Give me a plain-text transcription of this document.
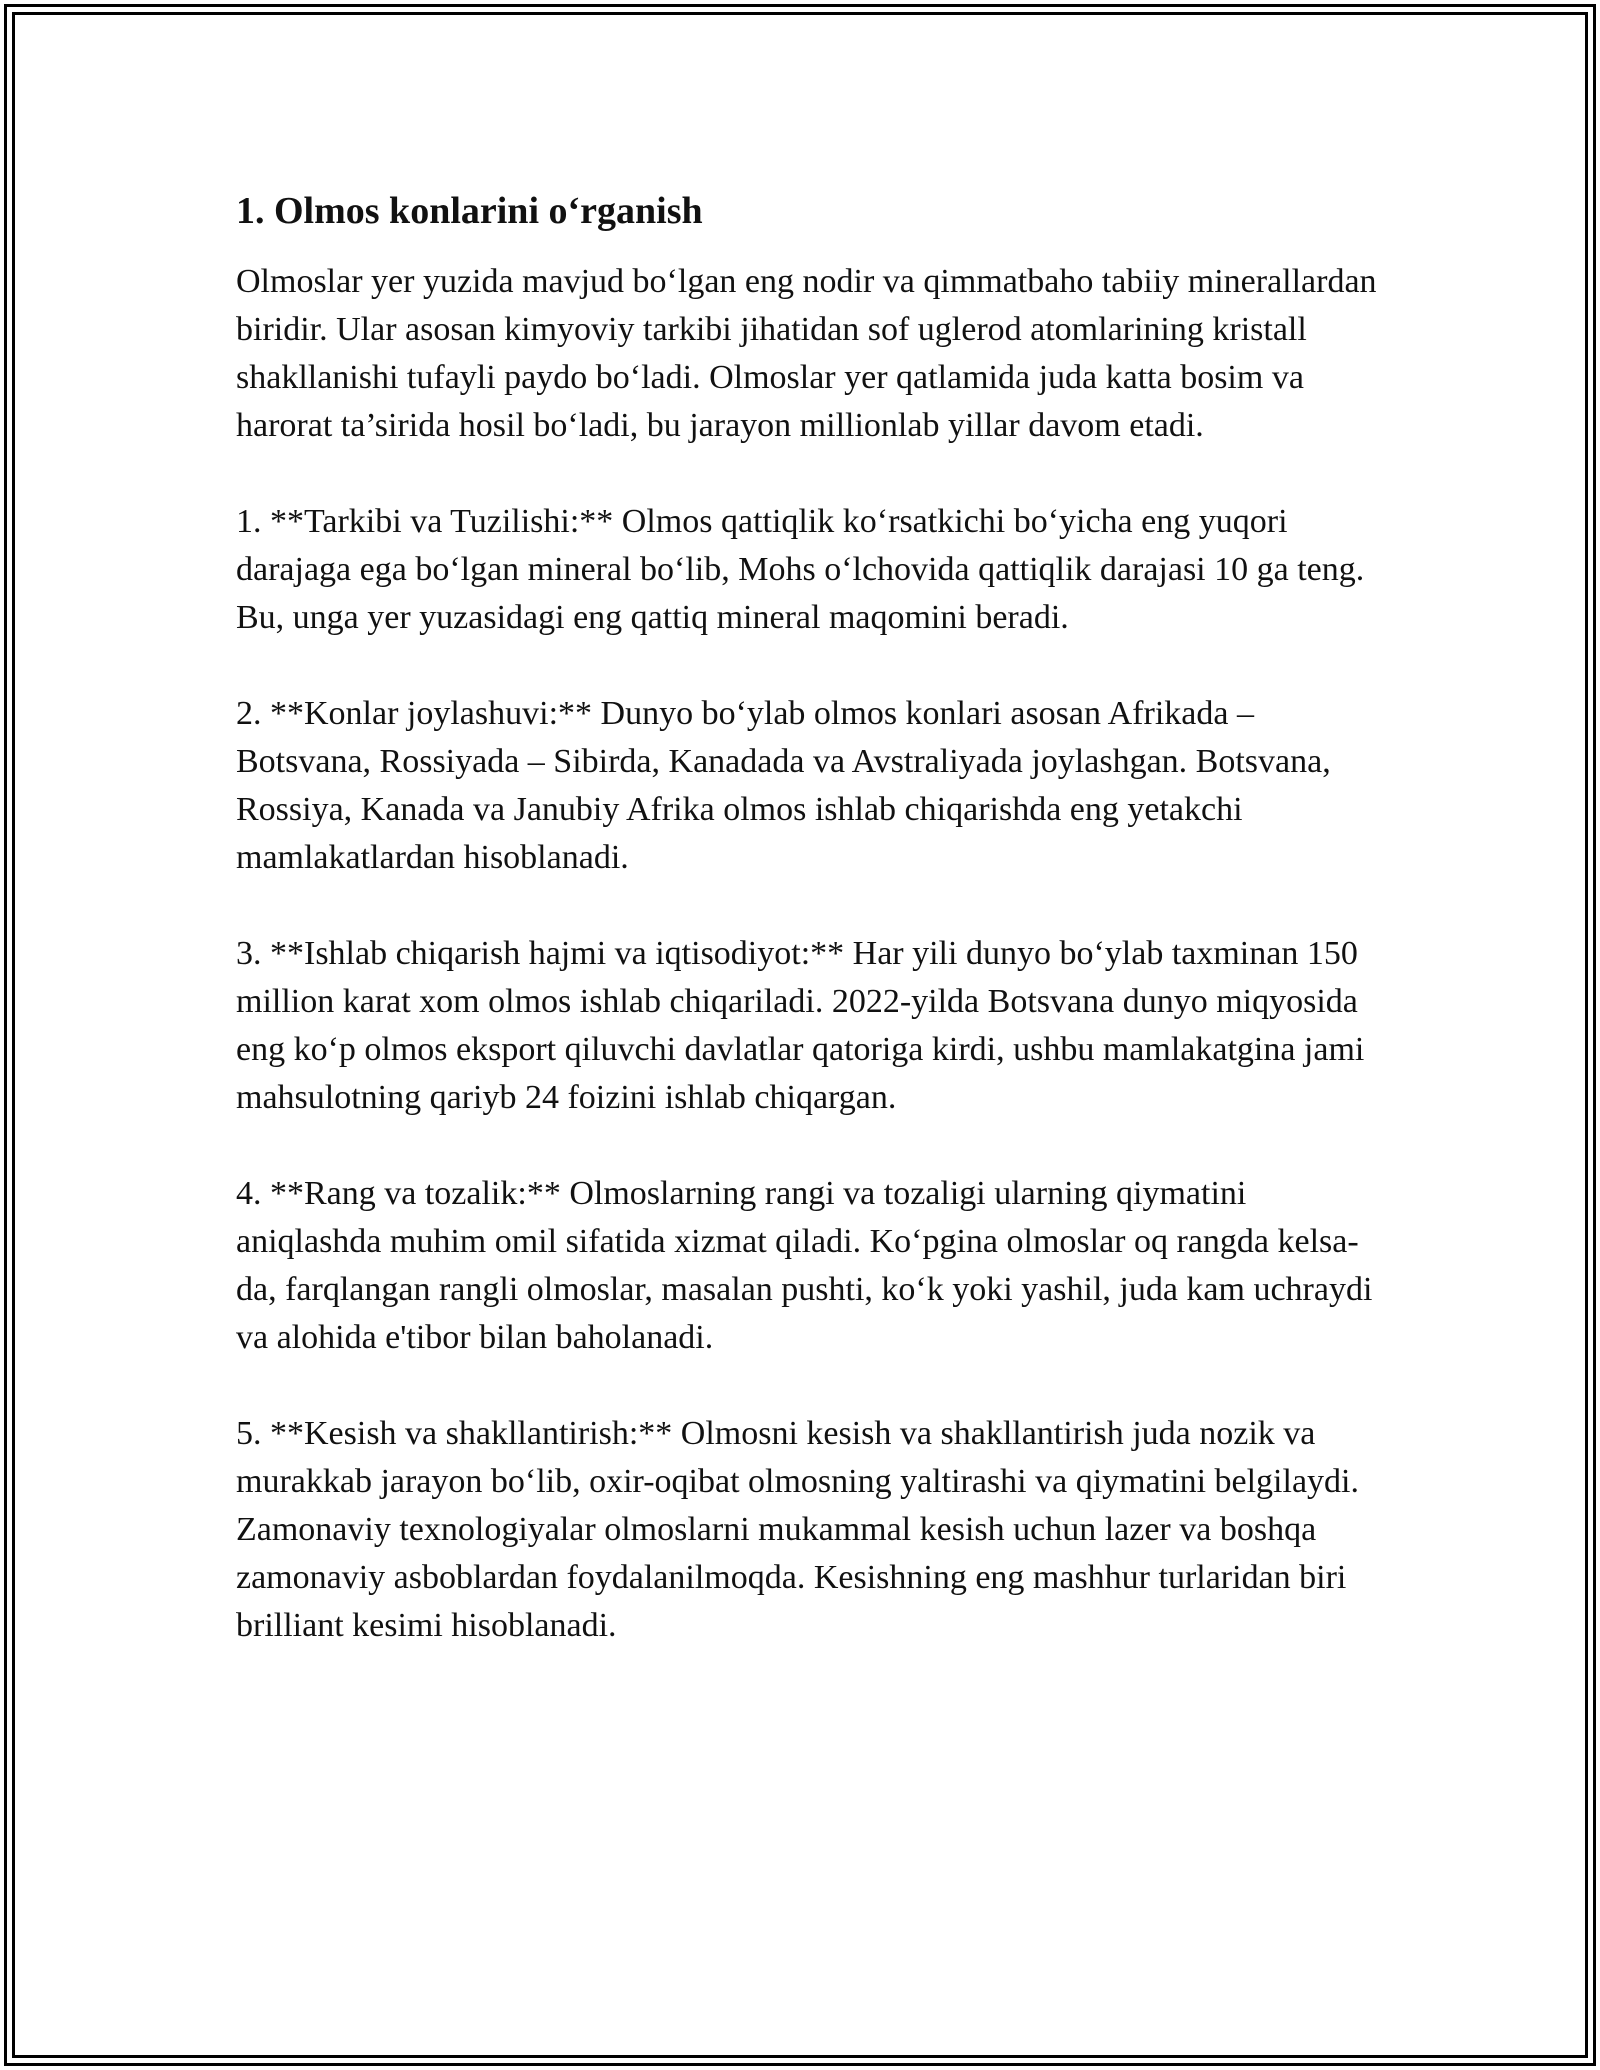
1. Olmos konlarini o‘rganish

Olmoslar yer yuzida mavjud bo‘lgan eng nodir va qimmatbaho tabiiy minerallardan biridir. Ular asosan kimyoviy tarkibi jihatidan sof uglerod atomlarining kristall shakllanishi tufayli paydo bo‘ladi. Olmoslar yer qatlamida juda katta bosim va harorat ta’sirida hosil bo‘ladi, bu jarayon millionlab yillar davom etadi.

1. **Tarkibi va Tuzilishi:** Olmos qattiqlik ko‘rsatkichi bo‘yicha eng yuqori darajaga ega bo‘lgan mineral bo‘lib, Mohs o‘lchovida qattiqlik darajasi 10 ga teng. Bu, unga yer yuzasidagi eng qattiq mineral maqomini beradi.

2. **Konlar joylashuvi:** Dunyo bo‘ylab olmos konlari asosan Afrikada – Botsvana, Rossiyada – Sibirda, Kanadada va Avstraliyada joylashgan. Botsvana, Rossiya, Kanada va Janubiy Afrika olmos ishlab chiqarishda eng yetakchi mamlakatlardan hisoblanadi.

3. **Ishlab chiqarish hajmi va iqtisodiyot:** Har yili dunyo bo‘ylab taxminan 150 million karat xom olmos ishlab chiqariladi. 2022-yilda Botsvana dunyo miqyosida eng ko‘p olmos eksport qiluvchi davlatlar qatoriga kirdi, ushbu mamlakatgina jami mahsulotning qariyb 24 foizini ishlab chiqargan.

4. **Rang va tozalik:** Olmoslarning rangi va tozaligi ularning qiymatini aniqlashda muhim omil sifatida xizmat qiladi. Ko‘pgina olmoslar oq rangda kelsa-da, farqlangan rangli olmoslar, masalan pushti, ko‘k yoki yashil, juda kam uchraydi va alohida e'tibor bilan baholanadi.

5. **Kesish va shakllantirish:** Olmosni kesish va shakllantirish juda nozik va murakkab jarayon bo‘lib, oxir-oqibat olmosning yaltirashi va qiymatini belgilaydi. Zamonaviy texnologiyalar olmoslarni mukammal kesish uchun lazer va boshqa zamonaviy asboblardan foydalanilmoqda. Kesishning eng mashhur turlaridan biri brilliant kesimi hisoblanadi.
